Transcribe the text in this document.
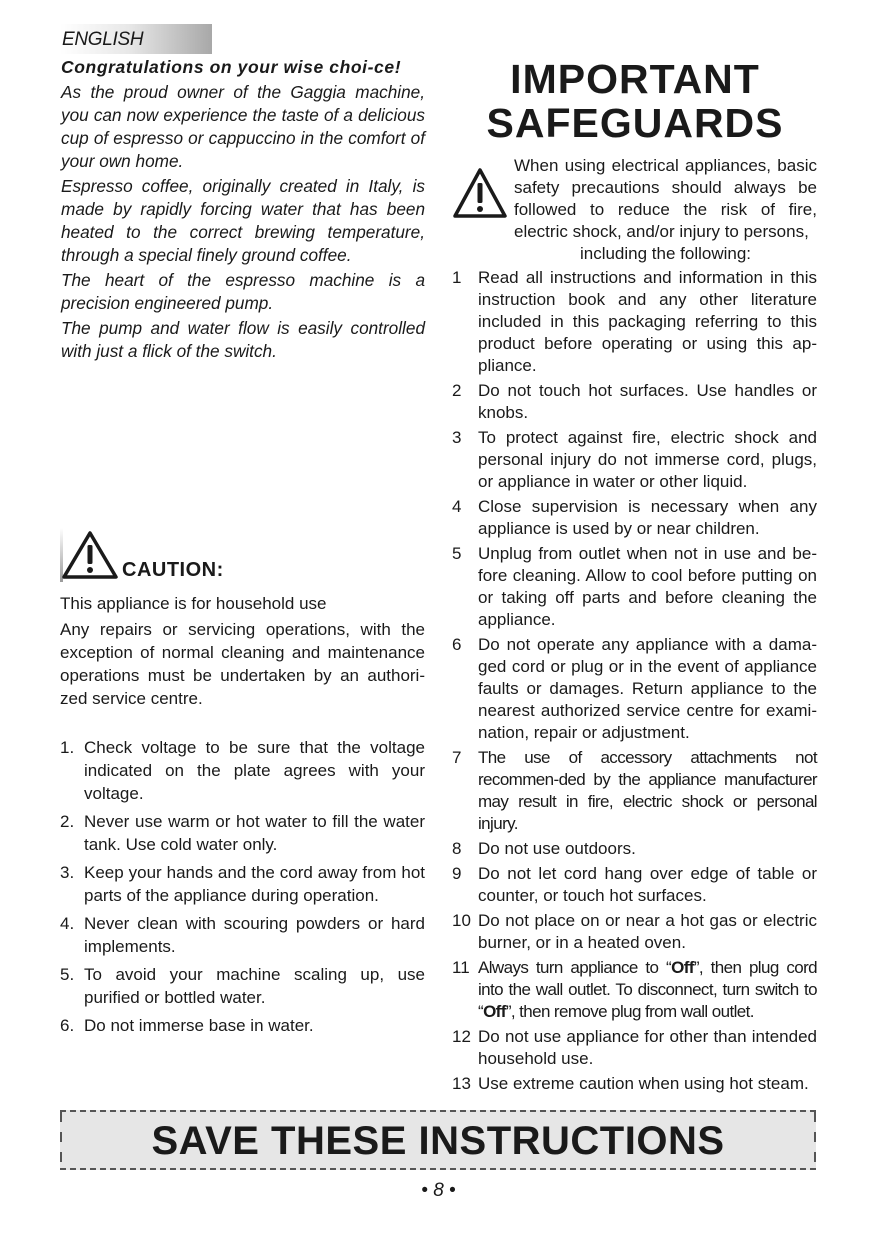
ENGLISH

Congratulations on your wise choi-ce!

As the proud owner of the Gaggia machine, you can now experience the taste of a delicious cup of espresso or cappuccino in the comfort of your own home.

Espresso coffee, originally created in Italy, is made by rapidly forcing water that has been heated to the correct brewing temperature, through a special finely ground coffee.

The heart of the espresso machine is a precision engineered pump.

The pump and water flow is easily controlled with just a flick of the switch.

CAUTION:

This appliance is for household use

Any repairs or servicing operations, with the exception of normal cleaning and maintenance operations must be undertaken by an authori-zed service centre.

1. Check voltage to be sure that the voltage indicated on the plate agrees with your voltage.
2. Never use warm or hot water to fill the water tank. Use cold water only.
3. Keep your hands and the cord away from hot parts of the appliance during operation.
4. Never clean with scouring powders or hard implements.
5. To avoid your machine scaling up, use purified or bottled water.
6. Do not immerse base in water.
IMPORTANT SAFEGUARDS
When using electrical appliances, basic safety precautions should always be followed to reduce the risk of fire, electric shock, and/or injury to persons,
including the following:
1 Read all instructions and information in this instruction book and any other literature included in this packaging referring to this product before operating or using this ap-pliance.
2 Do not touch hot surfaces. Use handles or knobs.
3 To protect against fire, electric shock and personal injury do not immerse cord, plugs, or appliance in water or other liquid.
4 Close supervision is necessary when any appliance is used by or near children.
5 Unplug from outlet when not in use and be-fore cleaning. Allow to cool before putting on or taking off parts and before cleaning the appliance.
6 Do not operate any appliance with a dama-ged cord or plug or in the event of appliance faults or damages. Return appliance to the nearest authorized service centre for exami-nation, repair or adjustment.
7 The use of accessory attachments not recommen-ded by the appliance manufacturer may result in fire, electric shock or personal injury.
8 Do not use outdoors.
9 Do not let cord hang over edge of table or counter, or touch hot surfaces.
10 Do not place on or near a hot gas or electric burner, or in a heated oven.
11 Always turn appliance to “Off”, then plug cord into the wall outlet. To disconnect, turn switch to “Off”, then remove plug from wall outlet.
12 Do not use appliance for other than intended household use.
13 Use extreme caution when using hot steam.
SAVE THESE INSTRUCTIONS
• 8 •
